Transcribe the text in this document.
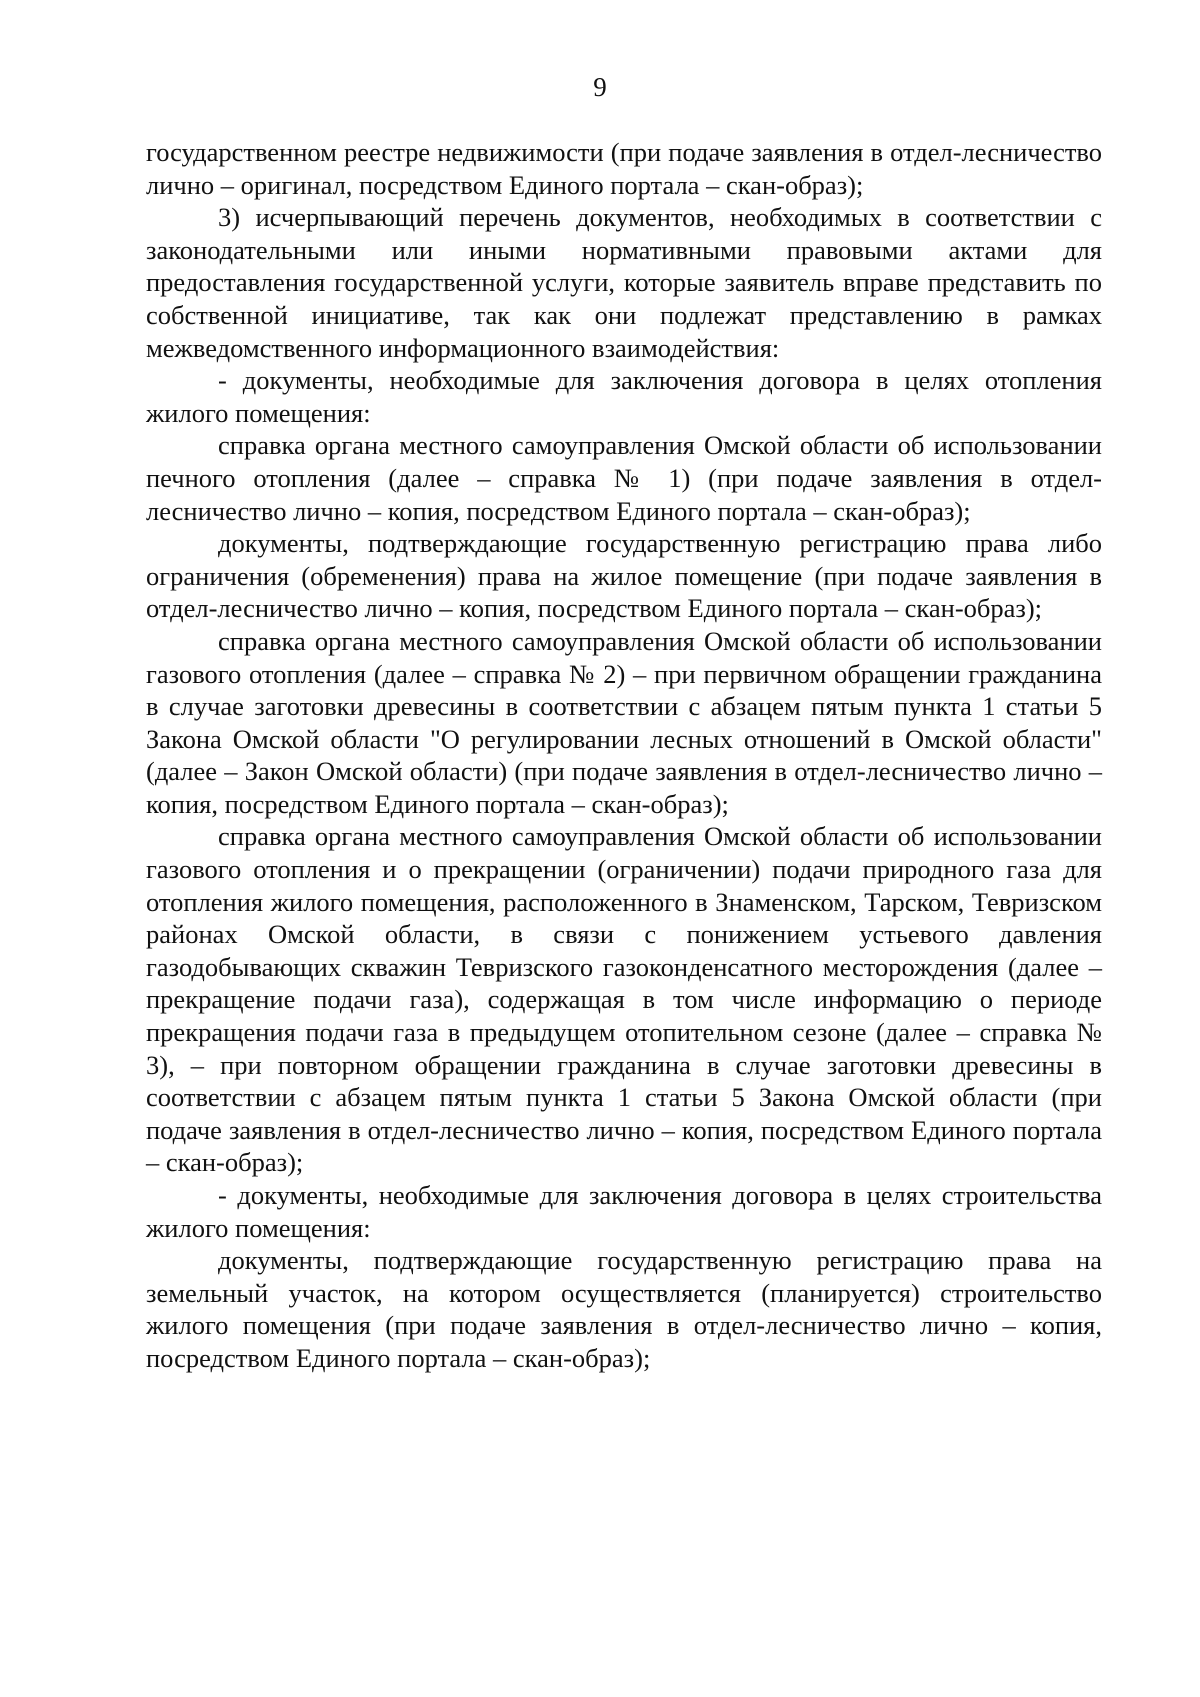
9

государственном реестре недвижимости (при подаче заявления в отдел-лесничество лично – оригинал, посредством Единого портала – скан-образ);

3) исчерпывающий перечень документов, необходимых в соответствии с законодательными или иными нормативными правовыми актами для предоставления государственной услуги, которые заявитель вправе представить по собственной инициативе, так как они подлежат представлению в рамках межведомственного информационного взаимодействия:

- документы, необходимые для заключения договора в целях отопления жилого помещения:

справка органа местного самоуправления Омской области об использовании печного отопления (далее – справка № 1) (при подаче заявления в отдел-лесничество лично – копия, посредством Единого портала – скан-образ);

документы, подтверждающие государственную регистрацию права либо ограничения (обременения) права на жилое помещение (при подаче заявления в отдел-лесничество лично – копия, посредством Единого портала – скан-образ);

справка органа местного самоуправления Омской области об использовании газового отопления (далее – справка № 2) – при первичном обращении гражданина в случае заготовки древесины в соответствии с абзацем пятым пункта 1 статьи 5 Закона Омской области "О регулировании лесных отношений в Омской области" (далее – Закон Омской области) (при подаче заявления в отдел-лесничество лично – копия, посредством Единого портала – скан-образ);

справка органа местного самоуправления Омской области об использовании газового отопления и о прекращении (ограничении) подачи природного газа для отопления жилого помещения, расположенного в Знаменском, Тарском, Тевризском районах Омской области, в связи с понижением устьевого давления газодобывающих скважин Тевризского газоконденсатного месторождения (далее – прекращение подачи газа), содержащая в том числе информацию о периоде прекращения подачи газа в предыдущем отопительном сезоне (далее – справка № 3), – при повторном обращении гражданина в случае заготовки древесины в соответствии с абзацем пятым пункта 1 статьи 5 Закона Омской области (при подаче заявления в отдел-лесничество лично – копия, посредством Единого портала – скан-образ);

- документы, необходимые для заключения договора в целях строительства жилого помещения:

документы, подтверждающие государственную регистрацию права на земельный участок, на котором осуществляется (планируется) строительство жилого помещения (при подаче заявления в отдел-лесничество лично – копия, посредством Единого портала – скан-образ);
